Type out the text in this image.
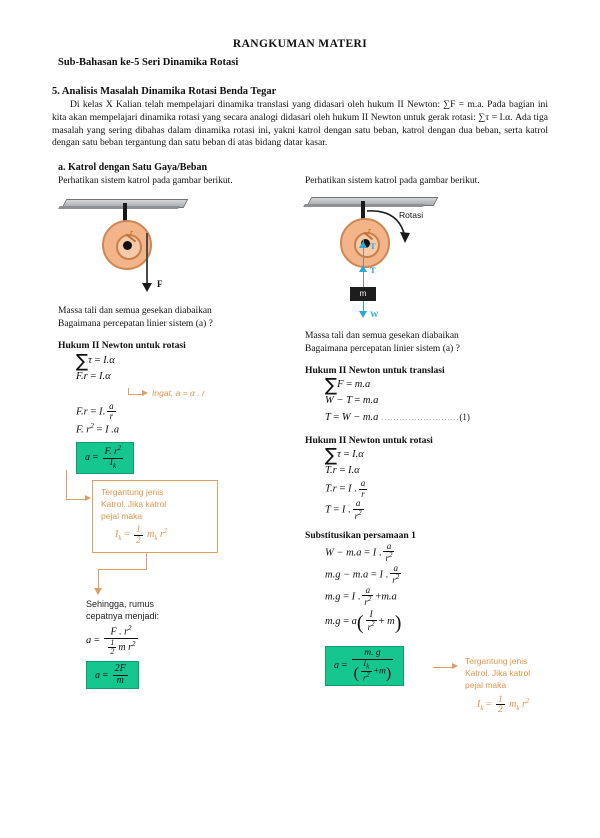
RANGKUMAN MATERI
Sub-Bahasan ke-5 Seri Dinamika Rotasi
5. Analisis Masalah Dinamika Rotasi Benda Tegar
Di kelas X Kalian telah mempelajari dinamika translasi yang didasari oleh hukum II Newton: ∑F = m.a. Pada bagian ini kita akan mempelajari dinamika rotasi yang secara analogi didasari oleh hukum II Newton untuk gerak rotasi: ∑τ = I.α. Ada tiga masalah yang sering dibahas dalam dinamika rotasi ini, yakni katrol dengan satu beban, katrol dengan dua beban, serta katrol dengan satu beban tergantung dan satu beban di atas bidang datar kasar.
a. Katrol dengan Satu Gaya/Beban
Perhatikan sistem katrol pada gambar berikut.
r
F
Massa tali dan semua gesekan diabaikan
Bagaimana percepatan linier sistem (a) ?
Hukum II Newton untuk rotasi
∑τ = I.α
F.r = I.α
Ingat, a = α . r
F.r = I. $\frac{a}{r}$
F. $r^2 = I$ .a
$a = \frac{F. r^2}{I_k}$
Tergantung jenis
Katrol. Jika katrol
pejal maka
$I_k = \frac{1}{2} m_k$ $r^2$
Sehingga, rumus
cepatnya menjadi:
$a = \frac{F . r^2}{\frac{1}{2} m r^2}$
$a = \frac{2F}{m}$
Perhatikan sistem katrol pada gambar berikut.
r
Rotasi
T
T
m
W
Massa tali dan semua gesekan diabaikan
Bagaimana percepatan linier sistem (a) ?
Hukum II Newton untuk translasi
∑F = m.a
W − T = m.a
T = W − m.a ..........................(1)
Hukum II Newton untuk rotasi
∑τ = I.α
T.r = I.α
T.r = I . $\frac{a}{r}$
T = I . $\frac{a}{r^2}$
Substitusikan persamaan 1
W − m.a = I . $\frac{a}{r^2}$
m.g − m.a = I . $\frac{a}{r^2}$
m.g = I . $\frac{a}{r^2} +m.a$
$m.g = a( \frac{I}{r^2} + m)$
$a = \frac{m. g}{( \frac{Ik}{r2} +m)}$	Tergantung jenis
Katrol. Jika katrol
pejal maka
$I_k = \frac{1}{2} m_k$ $r^2$
